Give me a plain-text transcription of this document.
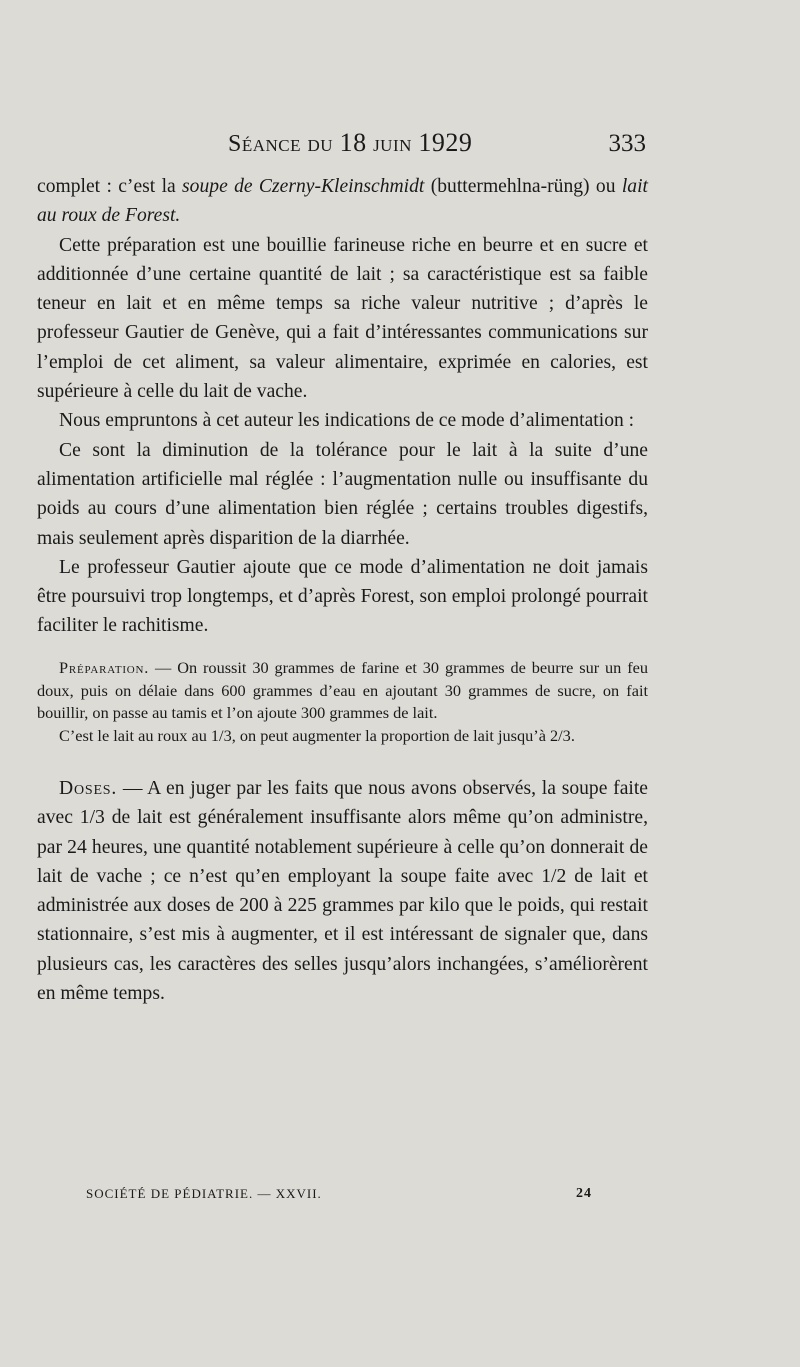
Séance du 18 juin 1929	333

complet : c’est la soupe de Czerny-Kleinschmidt (buttermehlna-rüng) ou lait au roux de Forest.

Cette préparation est une bouillie farineuse riche en beurre et en sucre et additionnée d’une certaine quantité de lait ; sa caractéristique est sa faible teneur en lait et en même temps sa riche valeur nutritive ; d’après le professeur Gautier de Genève, qui a fait d’intéressantes communications sur l’emploi de cet aliment, sa valeur alimentaire, exprimée en calories, est supérieure à celle du lait de vache.

Nous empruntons à cet auteur les indications de ce mode d’alimentation :

Ce sont la diminution de la tolérance pour le lait à la suite d’une alimentation artificielle mal réglée : l’augmentation nulle ou insuffisante du poids au cours d’une alimentation bien réglée ; certains troubles digestifs, mais seulement après disparition de la diarrhée.

Le professeur Gautier ajoute que ce mode d’alimentation ne doit jamais être poursuivi trop longtemps, et d’après Forest, son emploi prolongé pourrait faciliter le rachitisme.

Préparation. — On roussit 30 grammes de farine et 30 grammes de beurre sur un feu doux, puis on délaie dans 600 grammes d’eau en ajoutant 30 grammes de sucre, on fait bouillir, on passe au tamis et l’on ajoute 300 grammes de lait.

C’est le lait au roux au 1/3, on peut augmenter la proportion de lait jusqu’à 2/3.

Doses. — A en juger par les faits que nous avons observés, la soupe faite avec 1/3 de lait est généralement insuffisante alors même qu’on administre, par 24 heures, une quantité notablement supérieure à celle qu’on donnerait de lait de vache ; ce n’est qu’en employant la soupe faite avec 1/2 de lait et administrée aux doses de 200 à 225 grammes par kilo que le poids, qui restait stationnaire, s’est mis à augmenter, et il est intéressant de signaler que, dans plusieurs cas, les caractères des selles jusqu’alors inchangées, s’améliorèrent en même temps.

SOCIÉTÉ DE PÉDIATRIE. — XXVII.	24
